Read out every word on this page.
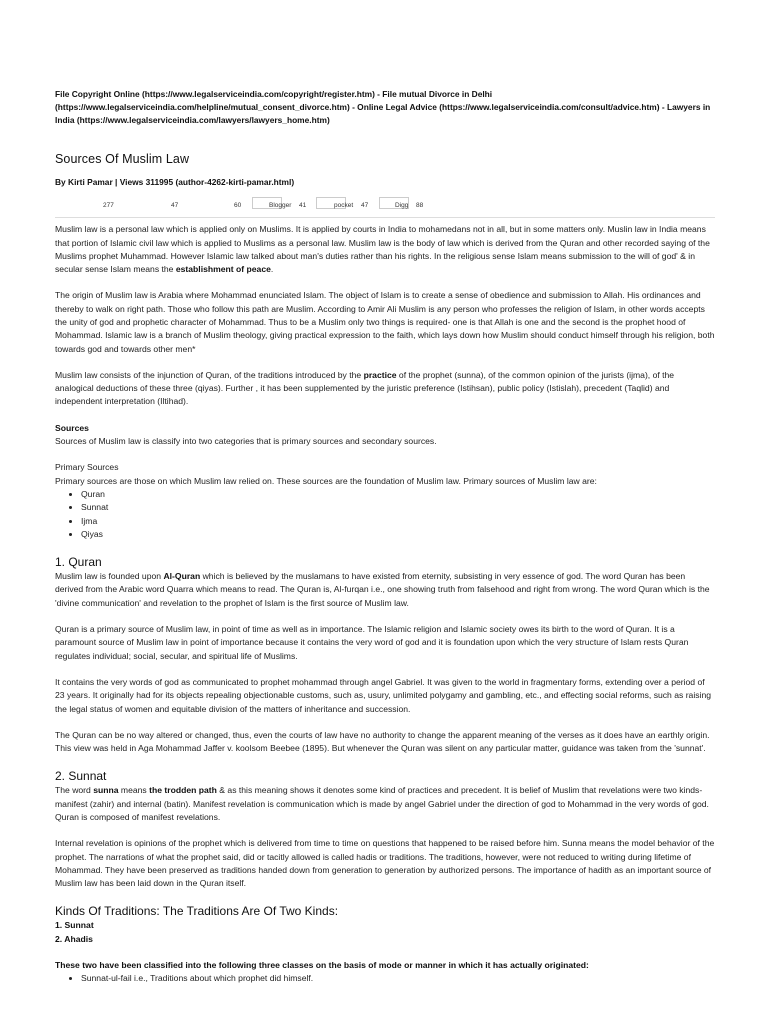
File Copyright Online (https://www.legalserviceindia.com/copyright/register.htm) - File mutual Divorce in Delhi (https://www.legalserviceindia.com/helpline/mutual_consent_divorce.htm) - Online Legal Advice (https://www.legalserviceindia.com/consult/advice.htm) - Lawyers in India (https://www.legalserviceindia.com/lawyers/lawyers_home.htm)

Sources Of Muslim Law

By Kirti Pamar | Views 311995 (author-4262-kirti-pamar.html)

277	47	60	Blogger 41	pocket 47	Digg 88

Muslim law is a personal law which is applied only on Muslims. It is applied by courts in India to mohamedans not in all, but in some matters only. Muslin law in India means that portion of Islamic civil law which is applied to Muslims as a personal law. Muslim law is the body of law which is derived from the Quran and other recorded saying of the Muslims prophet Muhammad. However Islamic law talked about man's duties rather than his rights. In the religious sense Islam means submission to the will of god' & in secular sense Islam means the establishment of peace.

The origin of Muslim law is Arabia where Mohammad enunciated Islam. The object of Islam is to create a sense of obedience and submission to Allah. His ordinances and thereby to walk on right path. Those who follow this path are Muslim. According to Amir Ali Muslim is any person who professes the religion of Islam, in other words accepts the unity of god and prophetic character of Mohammad. Thus to be a Muslim only two things is required- one is that Allah is one and the second is the prophet hood of Mohammad. Islamic law is a branch of Muslim theology, giving practical expression to the faith, which lays down how Muslim should conduct himself through his religion, both towards god and towards other men*

Muslim law consists of the injunction of Quran, of the traditions introduced by the practice of the prophet (sunna), of the common opinion of the jurists (ijma), of the analogical deductions of these three (qiyas). Further , it has been supplemented by the juristic preference (Istihsan), public policy (Istislah), precedent (Taqlid) and independent interpretation (Iltihad).

Sources

Sources of Muslim law is classify into two categories that is primary sources and secondary sources.

Primary Sources

Primary sources are those on which Muslim law relied on. These sources are the foundation of Muslim law. Primary sources of Muslim law are:

• Quran
• Sunnat
• Ijma
• Qiyas
1. Quran

Muslim law is founded upon Al-Quran which is believed by the muslamans to have existed from eternity, subsisting in very essence of god. The word Quran has been derived from the Arabic word Quarra which means to read. The Quran is, Al-furqan i.e., one showing truth from falsehood and right from wrong. The word Quran which is the 'divine communication' and revelation to the prophet of Islam is the first source of Muslim law.

Quran is a primary source of Muslim law, in point of time as well as in importance. The Islamic religion and Islamic society owes its birth to the word of Quran. It is a paramount source of Muslim law in point of importance because it contains the very word of god and it is foundation upon which the very structure of Islam rests Quran regulates individual; social, secular, and spiritual life of Muslims.

It contains the very words of god as communicated to prophet mohammad through angel Gabriel. It was given to the world in fragmentary forms, extending over a period of 23 years. It originally had for its objects repealing objectionable customs, such as, usury, unlimited polygamy and gambling, etc., and effecting social reforms, such as raising the legal status of women and equitable division of the matters of inheritance and succession.

The Quran can be no way altered or changed, thus, even the courts of law have no authority to change the apparent meaning of the verses as it does have an earthly origin. This view was held in Aga Mohammad Jaffer v. koolsom Beebee (1895). But whenever the Quran was silent on any particular matter, guidance was taken from the 'sunnat'.

2. Sunnat

The word sunna means the trodden path & as this meaning shows it denotes some kind of practices and precedent. It is belief of Muslim that revelations were two kinds- manifest (zahir) and internal (batin). Manifest revelation is communication which is made by angel Gabriel under the direction of god to Mohammad in the very words of god. Quran is composed of manifest revelations.

Internal revelation is opinions of the prophet which is delivered from time to time on questions that happened to be raised before him. Sunna means the model behavior of the prophet. The narrations of what the prophet said, did or tacitly allowed is called hadis or traditions. The traditions, however, were not reduced to writing during lifetime of Mohammad. They have been preserved as traditions handed down from generation to generation by authorized persons. The importance of hadith as an important source of Muslim law has been laid down in the Quran itself.

Kinds Of Traditions: The Traditions Are Of Two Kinds:

1. Sunnat

2. Ahadis

These two have been classified into the following three classes on the basis of mode or manner in which it has actually originated:

• Sunnat-ul-fail i.e., Traditions about which prophet did himself.
